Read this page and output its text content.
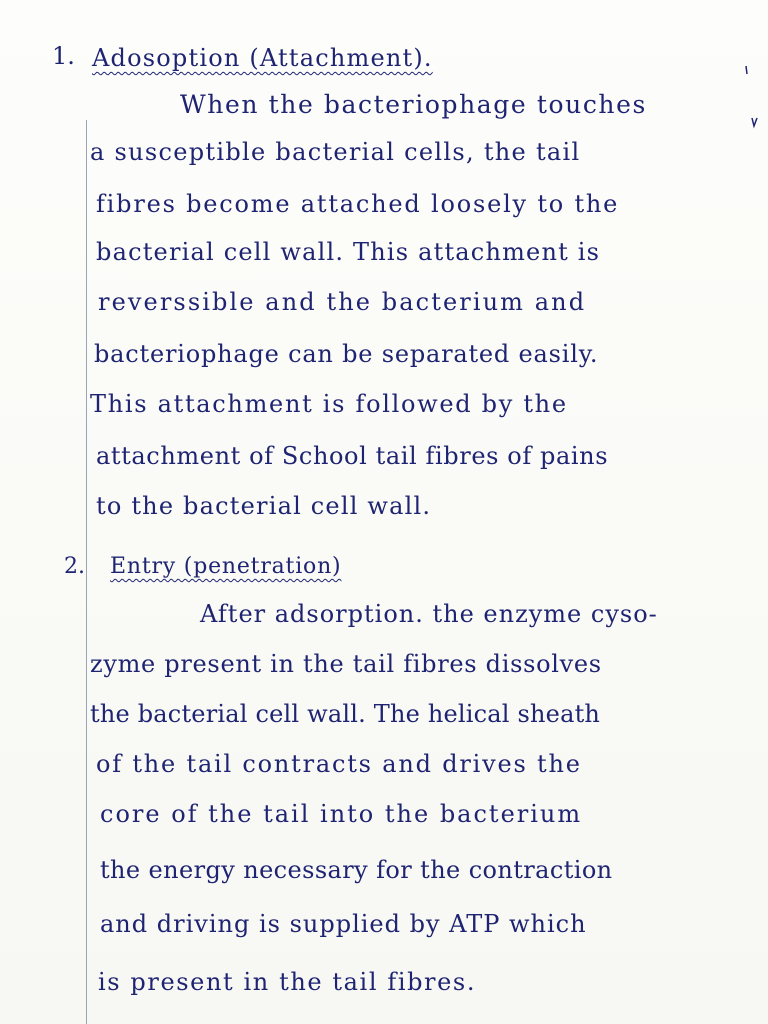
1. Adosoption (Attachment).
When the bacteriophage touches
a susceptible bacterial cells, the tail
fibres become attached loosely to the
bacterial cell wall. This attachment is
reverssible and the bacterium and
bacteriophage can be separated easily.
This attachment is followed by the
attachment of School tail fibres of pains
to the bacterial cell wall.
2. Entry (penetration)
After adsorption. the enzyme cyso-
zyme present in the tail fibres dissolves
the bacterial cell wall. The helical sheath
of the tail contracts and drives the
core of the tail into the bacterium
the energy necessary for the contraction
and driving is supplied by ATP which
is present in the tail fibres.
